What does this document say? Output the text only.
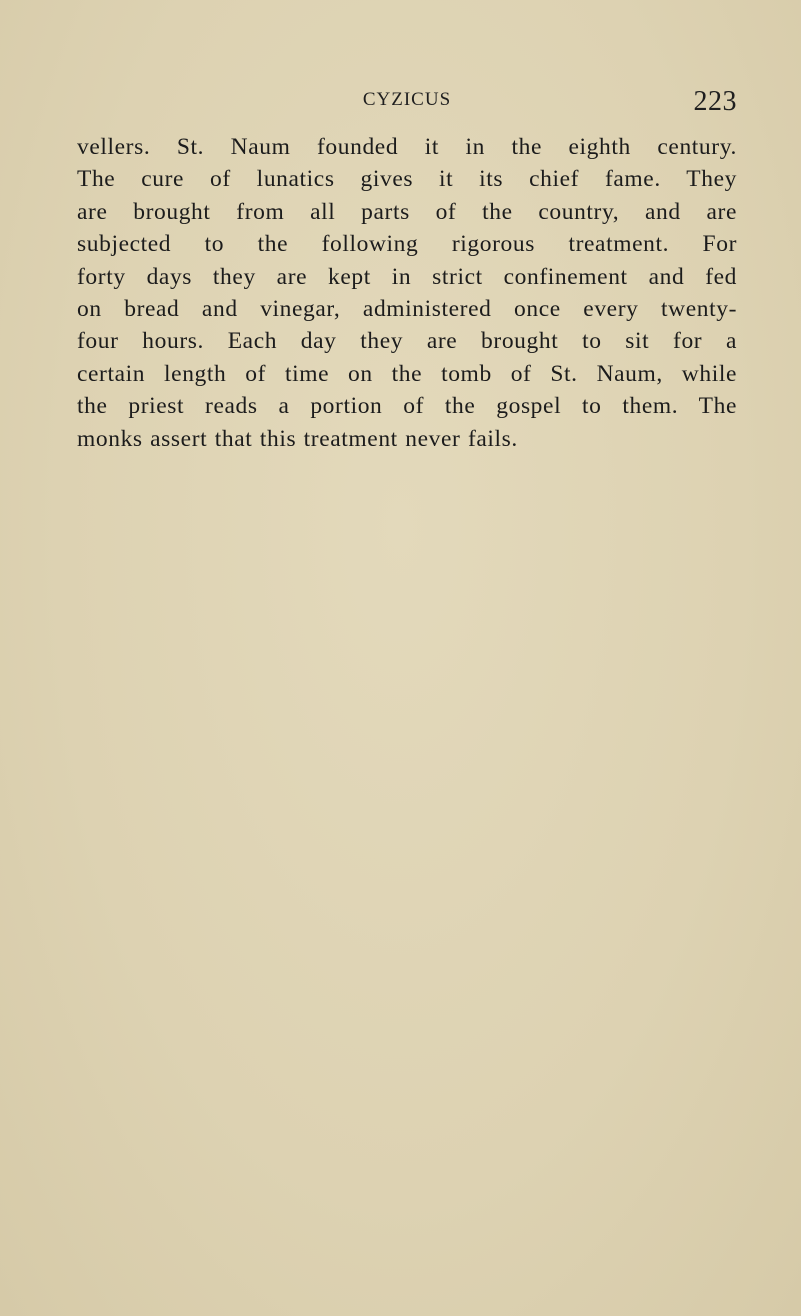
CYZICUS	223
vellers. St. Naum founded it in the eighth century.
The cure of lunatics gives it its chief fame. They
are brought from all parts of the country, and are
subjected to the following rigorous treatment. For
forty days they are kept in strict confinement and fed
on bread and vinegar, administered once every twenty-
four hours. Each day they are brought to sit for a
certain length of time on the tomb of St. Naum, while
the priest reads a portion of the gospel to them. The
monks assert that this treatment never fails.
